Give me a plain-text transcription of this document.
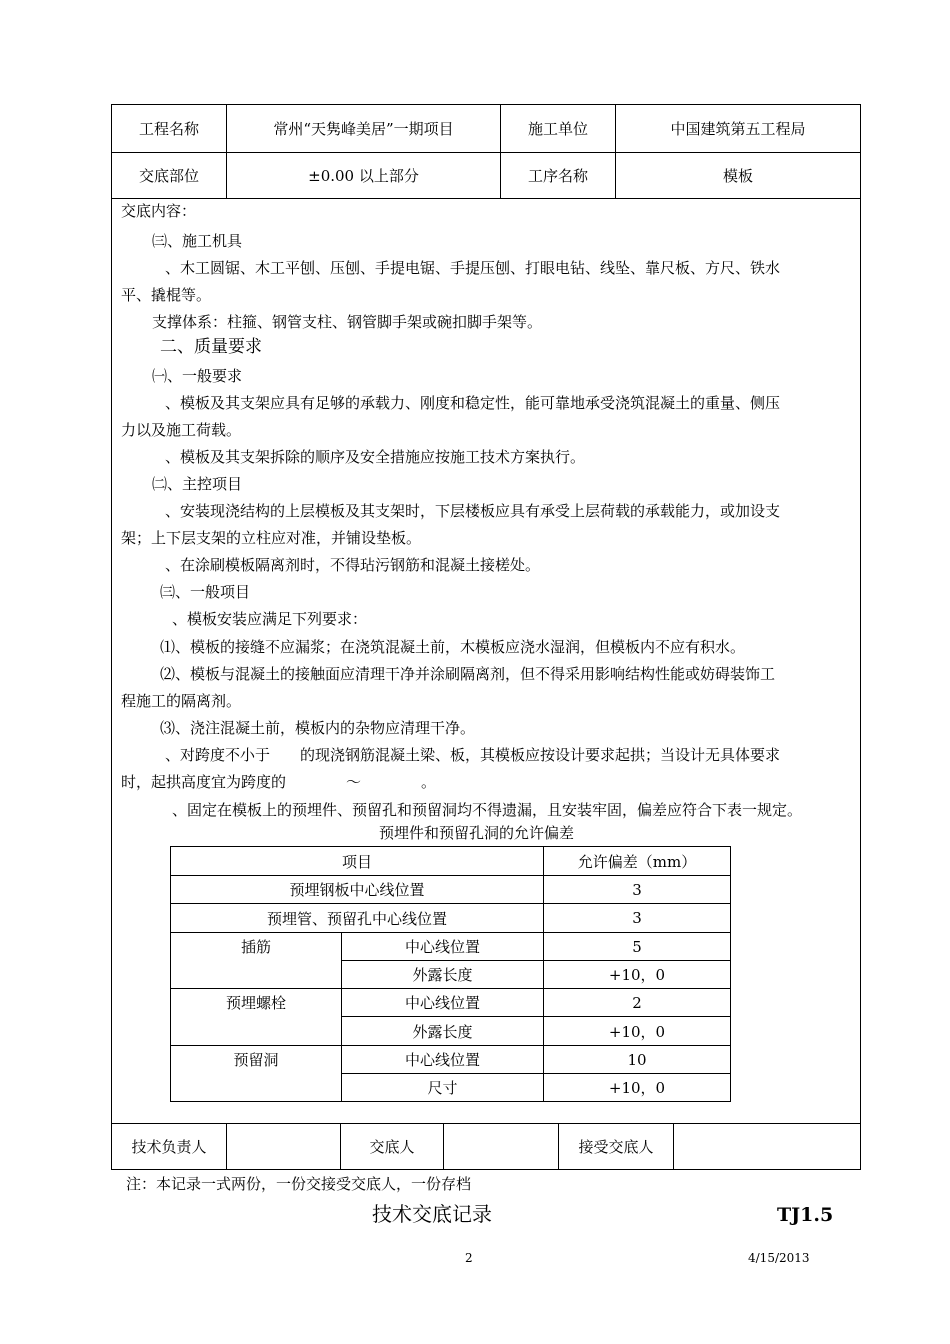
工程名称	常州“天隽峰美居”一期项目	施工单位	中国建筑第五工程局
交底部位	±0.00 以上部分	工序名称	模板
交底内容：
㈢、施工机具
、木工圆锯、木工平刨、压刨、手提电锯、手提压刨、打眼电钻、线坠、靠尺板、方尺、铁水
平、撬棍等。
支撑体系：柱箍、钢管支柱、钢管脚手架或碗扣脚手架等。
二、质量要求
㈠、一般要求
、模板及其支架应具有足够的承载力、刚度和稳定性，能可靠地承受浇筑混凝土的重量、侧压
力以及施工荷载。
、模板及其支架拆除的顺序及安全措施应按施工技术方案执行。
㈡、主控项目
、安装现浇结构的上层模板及其支架时，下层楼板应具有承受上层荷载的承载能力，或加设支
架；上下层支架的立柱应对准，并铺设垫板。
、在涂刷模板隔离剂时，不得玷污钢筋和混凝土接槎处。
㈢、一般项目
、模板安装应满足下列要求：
⑴、模板的接缝不应漏浆；在浇筑混凝土前，木模板应浇水湿润，但模板内不应有积水。
⑵、模板与混凝土的接触面应清理干净并涂刷隔离剂，但不得采用影响结构性能或妨碍装饰工
程施工的隔离剂。
⑶、浇注混凝土前，模板内的杂物应清理干净。
、对跨度不小于　　的现浇钢筋混凝土梁、板，其模板应按设计要求起拱；当设计无具体要求
时，起拱高度宜为跨度的　　　　～　　　　。
、固定在模板上的预埋件、预留孔和预留洞均不得遗漏，且安装牢固，偏差应符合下表一规定。
预埋件和预留孔洞的允许偏差
项目	允许偏差（mm）
预埋钢板中心线位置	3
预埋管、预留孔中心线位置	3
插筋	中心线位置	5
外露长度	+10，0
预埋螺栓	中心线位置	2
外露长度	+10，0
预留洞	中心线位置	10
尺寸	+10，0
技术负责人	交底人	接受交底人
注：本记录一式两份，一份交接受交底人，一份存档
技术交底记录	TJ1.5
2	4/15/2013
